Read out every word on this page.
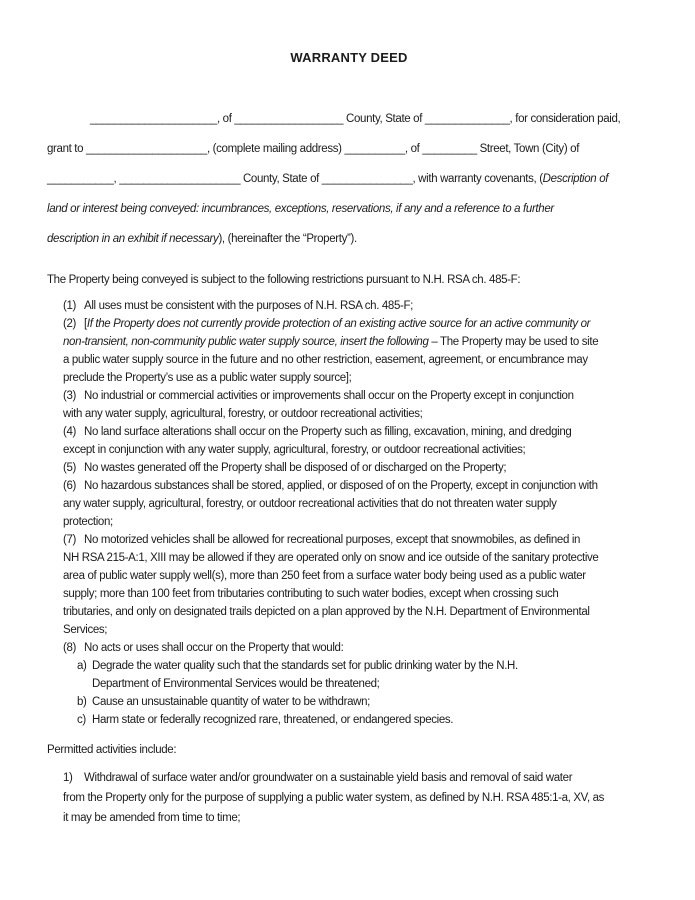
WARRANTY DEED
_____________________, of __________________ County, State of ______________, for consideration paid,
grant to ____________________, (complete mailing address) __________, of _________ Street, Town (City) of
___________, ____________________ County, State of _______________, with warranty covenants, (Description of
land or interest being conveyed: incumbrances, exceptions, reservations, if any and a reference to a further
description in an exhibit if necessary), (hereinafter the “Property”).
The Property being conveyed is subject to the following restrictions pursuant to N.H. RSA ch. 485-F:
(1) All uses must be consistent with the purposes of N.H. RSA ch. 485-F;
(2) [If the Property does not currently provide protection of an existing active source for an active community or
non-transient, non-community public water supply source, insert the following – The Property may be used to site
a public water supply source in the future and no other restriction, easement, agreement, or encumbrance may
preclude the Property’s use as a public water supply source];
(3) No industrial or commercial activities or improvements shall occur on the Property except in conjunction
with any water supply, agricultural, forestry, or outdoor recreational activities;
(4) No land surface alterations shall occur on the Property such as filling, excavation, mining, and dredging
except in conjunction with any water supply, agricultural, forestry, or outdoor recreational activities;
(5) No wastes generated off the Property shall be disposed of or discharged on the Property;
(6) No hazardous substances shall be stored, applied, or disposed of on the Property, except in conjunction with
any water supply, agricultural, forestry, or outdoor recreational activities that do not threaten water supply
protection;
(7) No motorized vehicles shall be allowed for recreational purposes, except that snowmobiles, as defined in
NH RSA 215-A:1, XIII may be allowed if they are operated only on snow and ice outside of the sanitary protective
area of public water supply well(s), more than 250 feet from a surface water body being used as a public water
supply; more than 100 feet from tributaries contributing to such water bodies, except when crossing such
tributaries, and only on designated trails depicted on a plan approved by the N.H. Department of Environmental
Services;
(8) No acts or uses shall occur on the Property that would:
a) Degrade the water quality such that the standards set for public drinking water by the N.H.
Department of Environmental Services would be threatened;
b) Cause an unsustainable quantity of water to be withdrawn;
c) Harm state or federally recognized rare, threatened, or endangered species.
Permitted activities include:
1) Withdrawal of surface water and/or groundwater on a sustainable yield basis and removal of said water
from the Property only for the purpose of supplying a public water system, as defined by N.H. RSA 485:1-a, XV, as
it may be amended from time to time;
